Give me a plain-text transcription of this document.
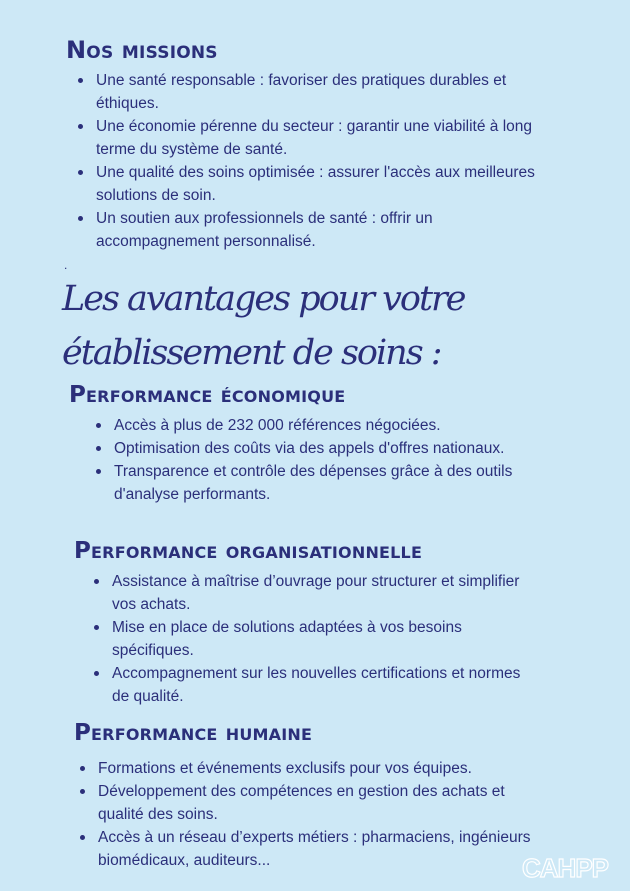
Nos missions
Une santé responsable : favoriser des pratiques durables et éthiques.
Une économie pérenne du secteur : garantir une viabilité à long terme du système de santé.
Une qualité des soins optimisée : assurer l'accès aux meilleures solutions de soin.
Un soutien aux professionnels de santé : offrir un accompagnement personnalisé.
.
Les avantages pour votre
établissement de soins :
Performance économique
Accès à plus de 232 000 références négociées.
Optimisation des coûts via des appels d'offres nationaux.
Transparence et contrôle des dépenses grâce à des outils d'analyse performants.
Performance organisationnelle
Assistance à maîtrise d’ouvrage pour structurer et simplifier vos achats.
Mise en place de solutions adaptées à vos besoins spécifiques.
Accompagnement sur les nouvelles certifications et normes de qualité.
Performance humaine
Formations et événements exclusifs pour vos équipes.
Développement des compétences en gestion des achats et qualité des soins.
Accès à un réseau d’experts métiers : pharmaciens, ingénieurs biomédicaux, auditeurs...	CAHPP
